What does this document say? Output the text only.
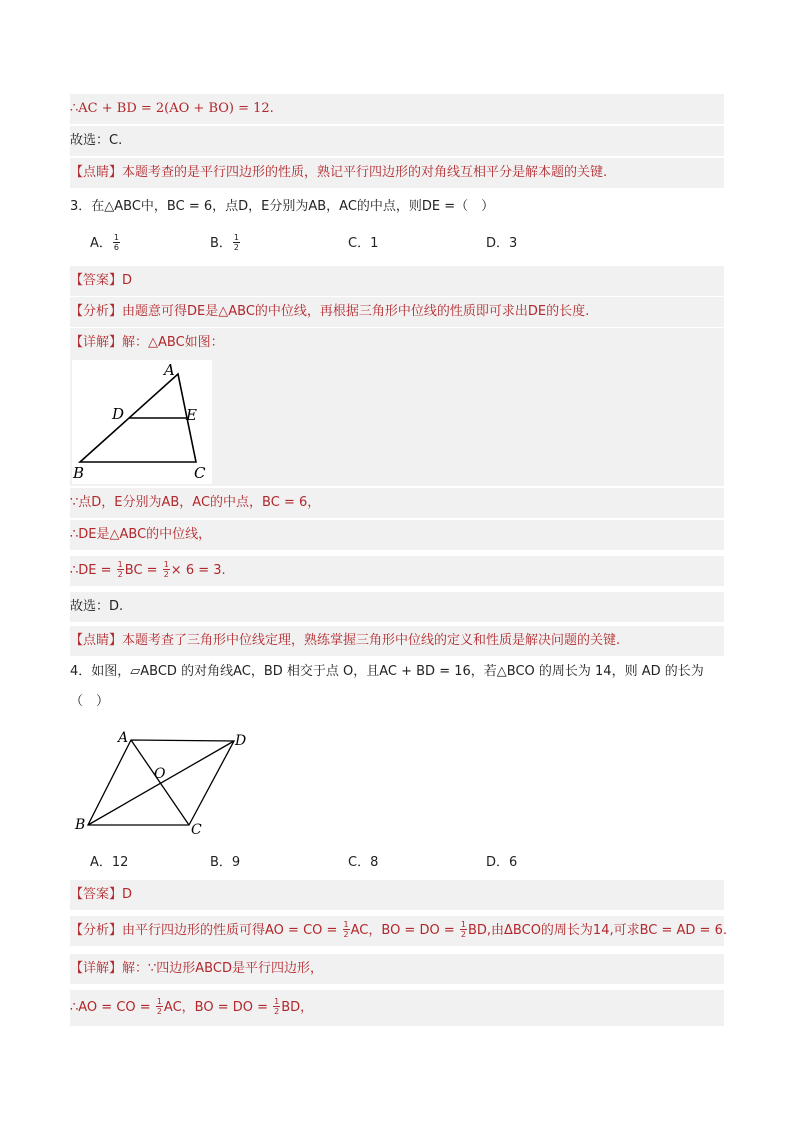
∴AC + BD = 2(AO + BO) = 12.
故选：C.
【点睛】本题考查的是平行四边形的性质，熟记平行四边形的对角线互相平分是解本题的关键.
3．在△ABC中，BC = 6，点D，E分别为AB，AC的中点，则DE =（　）
A． $\frac{1}{6}$	B． $\frac{1}{2}$	C．1	D．3
【答案】D
【分析】由题意可得DE是△ABC的中位线，再根据三角形中位线的性质即可求出DE的长度.
【详解】解：△ABC如图：
A
B	C
D	E
∵点D，E分别为AB，AC的中点，BC = 6，
∴DE是△ABC的中位线，
∴DE = $\frac{1}{2}$ BC = $\frac{1}{2} \times 6 = 3$.
故选：D.
【点睛】本题考查了三角形中位线定理，熟练掌握三角形中位线的定义和性质是解决问题的关键.
4．如图，▱ABCD 的对角线AC，BD 相交于点 O，且AC + BD = 16，若△BCO 的周长为 14，则 AD 的长为
（　）
A	D
B	C
O
A．12	B．9	C．8	D．6
【答案】D
【分析】由平行四边形的性质可得AO = CO = $\frac{1}{2}$ AC，BO = DO = $\frac{1}{2}$ BD,由ΔBCO的周长为14,可求BC = AD = 6.
【详解】解：∵四边形ABCD是平行四边形，
∴AO = CO = $\frac{1}{2}$ AC，BO = DO = $\frac{1}{2}$ BD，
